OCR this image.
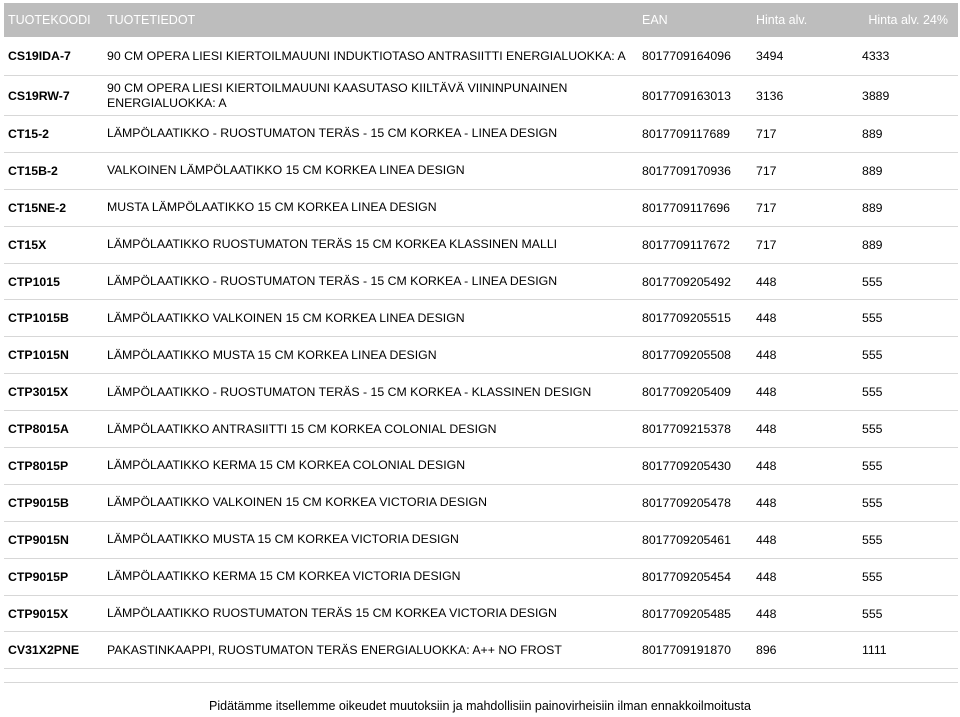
TUOTEKOODI	TUOTETIEDOT	EAN	Hinta alv.	Hinta alv. 24%
CS19IDA-7	90 CM OPERA LIESI KIERTOILMAUUNI INDUKTIOTASO ANTRASIITTI ENERGIALUOKKA: A	8017709164096	3494	4333
CS19RW-7	90 CM OPERA LIESI KIERTOILMAUUNI KAASUTASO KIILTÄVÄ VIININPUNAINEN ENERGIALUOKKA: A	8017709163013	3136	3889
CT15-2	LÄMPÖLAATIKKO - RUOSTUMATON TERÄS - 15 CM KORKEA - LINEA DESIGN	8017709117689	717	889
CT15B-2	VALKOINEN LÄMPÖLAATIKKO 15 CM KORKEA LINEA DESIGN	8017709170936	717	889
CT15NE-2	MUSTA LÄMPÖLAATIKKO 15 CM KORKEA LINEA DESIGN	8017709117696	717	889
CT15X	LÄMPÖLAATIKKO RUOSTUMATON TERÄS 15 CM KORKEA KLASSINEN MALLI	8017709117672	717	889
CTP1015	LÄMPÖLAATIKKO - RUOSTUMATON TERÄS - 15 CM KORKEA - LINEA DESIGN	8017709205492	448	555
CTP1015B	LÄMPÖLAATIKKO VALKOINEN 15 CM KORKEA LINEA DESIGN	8017709205515	448	555
CTP1015N	LÄMPÖLAATIKKO MUSTA 15 CM KORKEA LINEA DESIGN	8017709205508	448	555
CTP3015X	LÄMPÖLAATIKKO - RUOSTUMATON TERÄS - 15 CM KORKEA - KLASSINEN DESIGN	8017709205409	448	555
CTP8015A	LÄMPÖLAATIKKO ANTRASIITTI 15 CM KORKEA COLONIAL DESIGN	8017709215378	448	555
CTP8015P	LÄMPÖLAATIKKO KERMA 15 CM KORKEA COLONIAL DESIGN	8017709205430	448	555
CTP9015B	LÄMPÖLAATIKKO VALKOINEN 15 CM KORKEA VICTORIA DESIGN	8017709205478	448	555
CTP9015N	LÄMPÖLAATIKKO MUSTA 15 CM KORKEA VICTORIA DESIGN	8017709205461	448	555
CTP9015P	LÄMPÖLAATIKKO KERMA 15 CM KORKEA VICTORIA DESIGN	8017709205454	448	555
CTP9015X	LÄMPÖLAATIKKO RUOSTUMATON TERÄS 15 CM KORKEA VICTORIA DESIGN	8017709205485	448	555
CV31X2PNE	PAKASTINKAAPPI, RUOSTUMATON TERÄS ENERGIALUOKKA: A++ NO FROST	8017709191870	896	1111
Pidätämme itsellemme oikeudet muutoksiin ja mahdollisiin painovirheisiin ilman ennakkoilmoitusta
